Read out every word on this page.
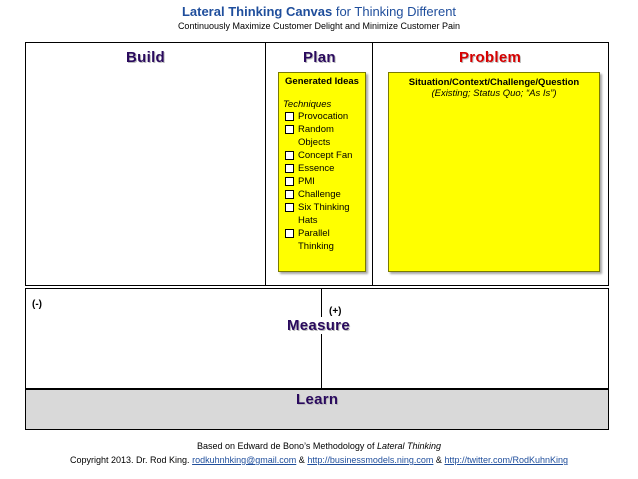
Lateral Thinking Canvas for Thinking Different
Continuously Maximize Customer Delight and Minimize Customer Pain
Build	Plan	Problem
Generated Ideas
Techniques
Provocation
Random Objects
Concept Fan
Essence
PMI
Challenge
Six Thinking Hats
Parallel Thinking
Situation/Context/Challenge/Question
(Existing; Status Quo; “As Is”)
(-)
(+)
Measure
Learn
Based on Edward de Bono’s Methodology of Lateral Thinking
Copyright 2013. Dr. Rod King. rodkuhnhking@gmail.com & http://businessmodels.ning.com & http://twitter.com/RodKuhnKing
